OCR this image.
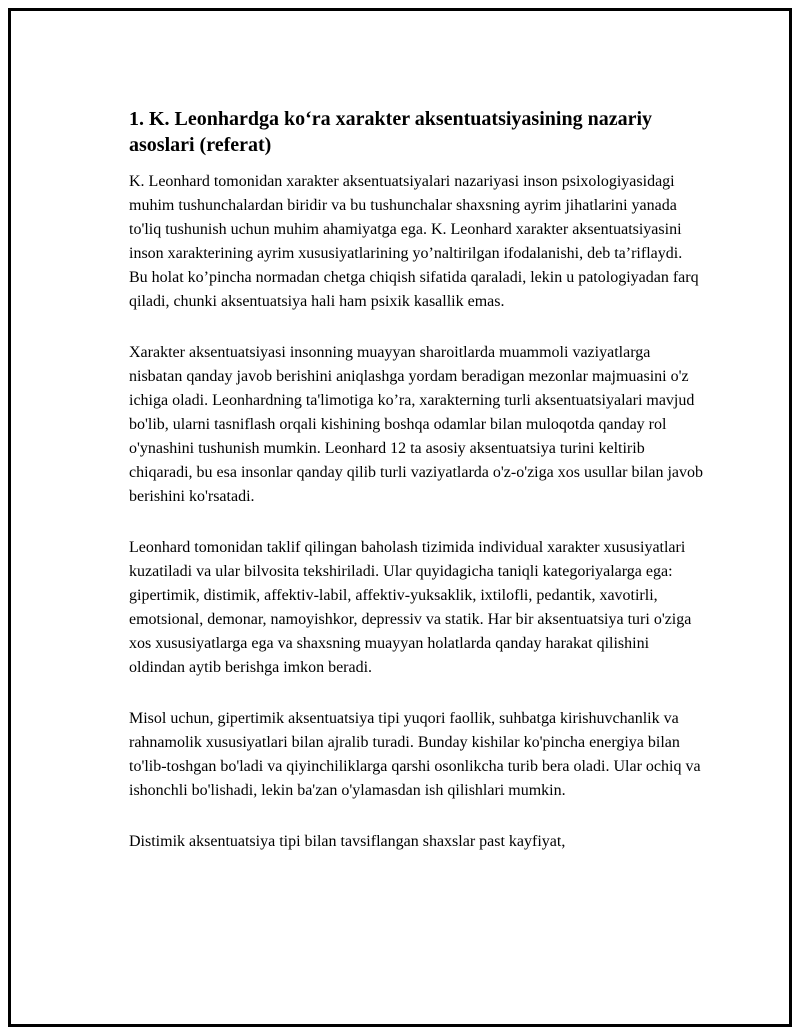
1. K. Leonhardga ko‘ra xarakter aksentuatsiyasining nazariy asoslari (referat)

K. Leonhard tomonidan xarakter aksentuatsiyalari nazariyasi inson psixologiyasidagi muhim tushunchalardan biridir va bu tushunchalar shaxsning ayrim jihatlarini yanada to'liq tushunish uchun muhim ahamiyatga ega. K. Leonhard xarakter aksentuatsiyasini inson xarakterining ayrim xususiyatlarining yo’naltirilgan ifodalanishi, deb ta’riflaydi. Bu holat ko’pincha normadan chetga chiqish sifatida qaraladi, lekin u patologiyadan farq qiladi, chunki aksentuatsiya hali ham psixik kasallik emas.

Xarakter aksentuatsiyasi insonning muayyan sharoitlarda muammoli vaziyatlarga nisbatan qanday javob berishini aniqlashga yordam beradigan mezonlar majmuasini o'z ichiga oladi. Leonhardning ta'limotiga ko’ra, xarakterning turli aksentuatsiyalari mavjud bo'lib, ularni tasniflash orqali kishining boshqa odamlar bilan muloqotda qanday rol o'ynashini tushunish mumkin. Leonhard 12 ta asosiy aksentuatsiya turini keltirib chiqaradi, bu esa insonlar qanday qilib turli vaziyatlarda o'z-o'ziga xos usullar bilan javob berishini ko'rsatadi.

Leonhard tomonidan taklif qilingan baholash tizimida individual xarakter xususiyatlari kuzatiladi va ular bilvosita tekshiriladi. Ular quyidagicha taniqli kategoriyalarga ega: gipertimik, distimik, affektiv-labil, affektiv-yuksaklik, ixtilofli, pedantik, xavotirli, emotsional, demonar, namoyishkor, depressiv va statik. Har bir aksentuatsiya turi o'ziga xos xususiyatlarga ega va shaxsning muayyan holatlarda qanday harakat qilishini oldindan aytib berishga imkon beradi.

Misol uchun, gipertimik aksentuatsiya tipi yuqori faollik, suhbatga kirishuvchanlik va rahnamolik xususiyatlari bilan ajralib turadi. Bunday kishilar ko'pincha energiya bilan to'lib-toshgan bo'ladi va qiyinchiliklarga qarshi osonlikcha turib bera oladi. Ular ochiq va ishonchli bo'lishadi, lekin ba'zan o'ylamasdan ish qilishlari mumkin.

Distimik aksentuatsiya tipi bilan tavsiflangan shaxslar past kayfiyat,
